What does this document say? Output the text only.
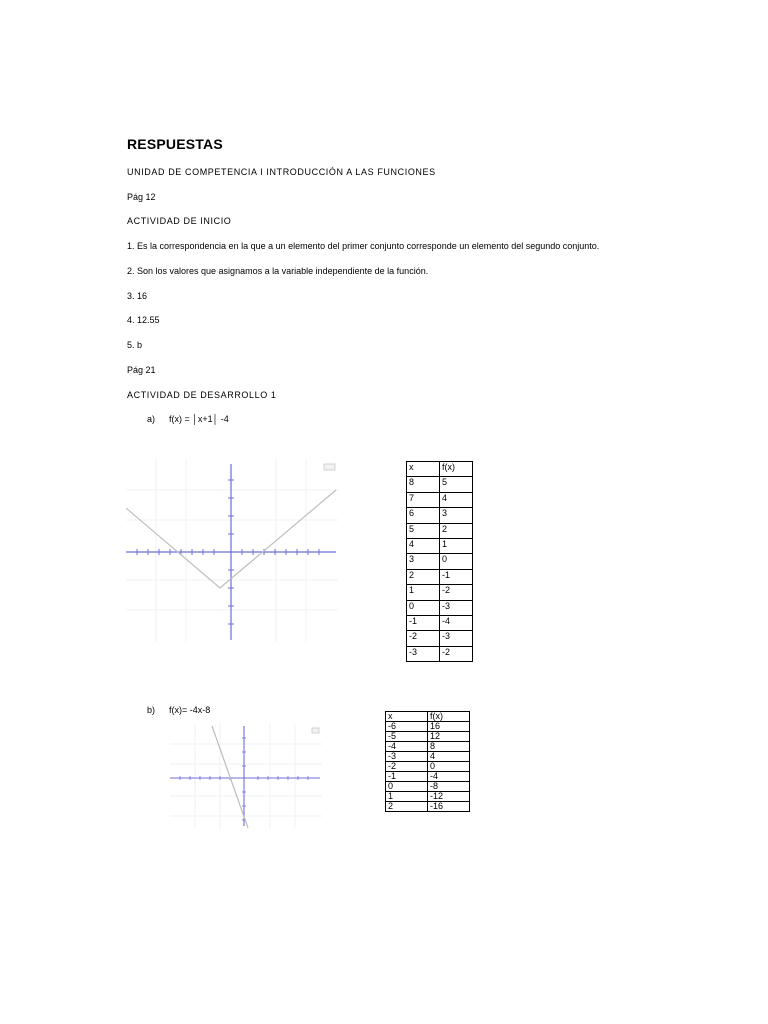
RESPUESTAS
UNIDAD DE COMPETENCIA I INTRODUCCIÓN A LAS FUNCIONES
Pág 12
ACTIVIDAD DE INICIO
1. Es la correspondencia en la que a un elemento del primer conjunto corresponde un elemento del segundo conjunto.
2. Son los valores que asignamos a la variable independiente de la función.
3. 16
4. 12.55
5. b
Pág 21
ACTIVIDAD DE DESARROLLO 1
a) f(x) = │x+1│ -4
x	f(x)
8	5
7	4
6	3
5	2
4	1
3	0
2	-1
1	-2
0	-3
-1	-4
-2	-3
-3	-2
b) f(x)= -4x-8
x	f(x)
-6	16
-5	12
-4	8
-3	4
-2	0
-1	-4
0	-8
1	-12
2	-16
